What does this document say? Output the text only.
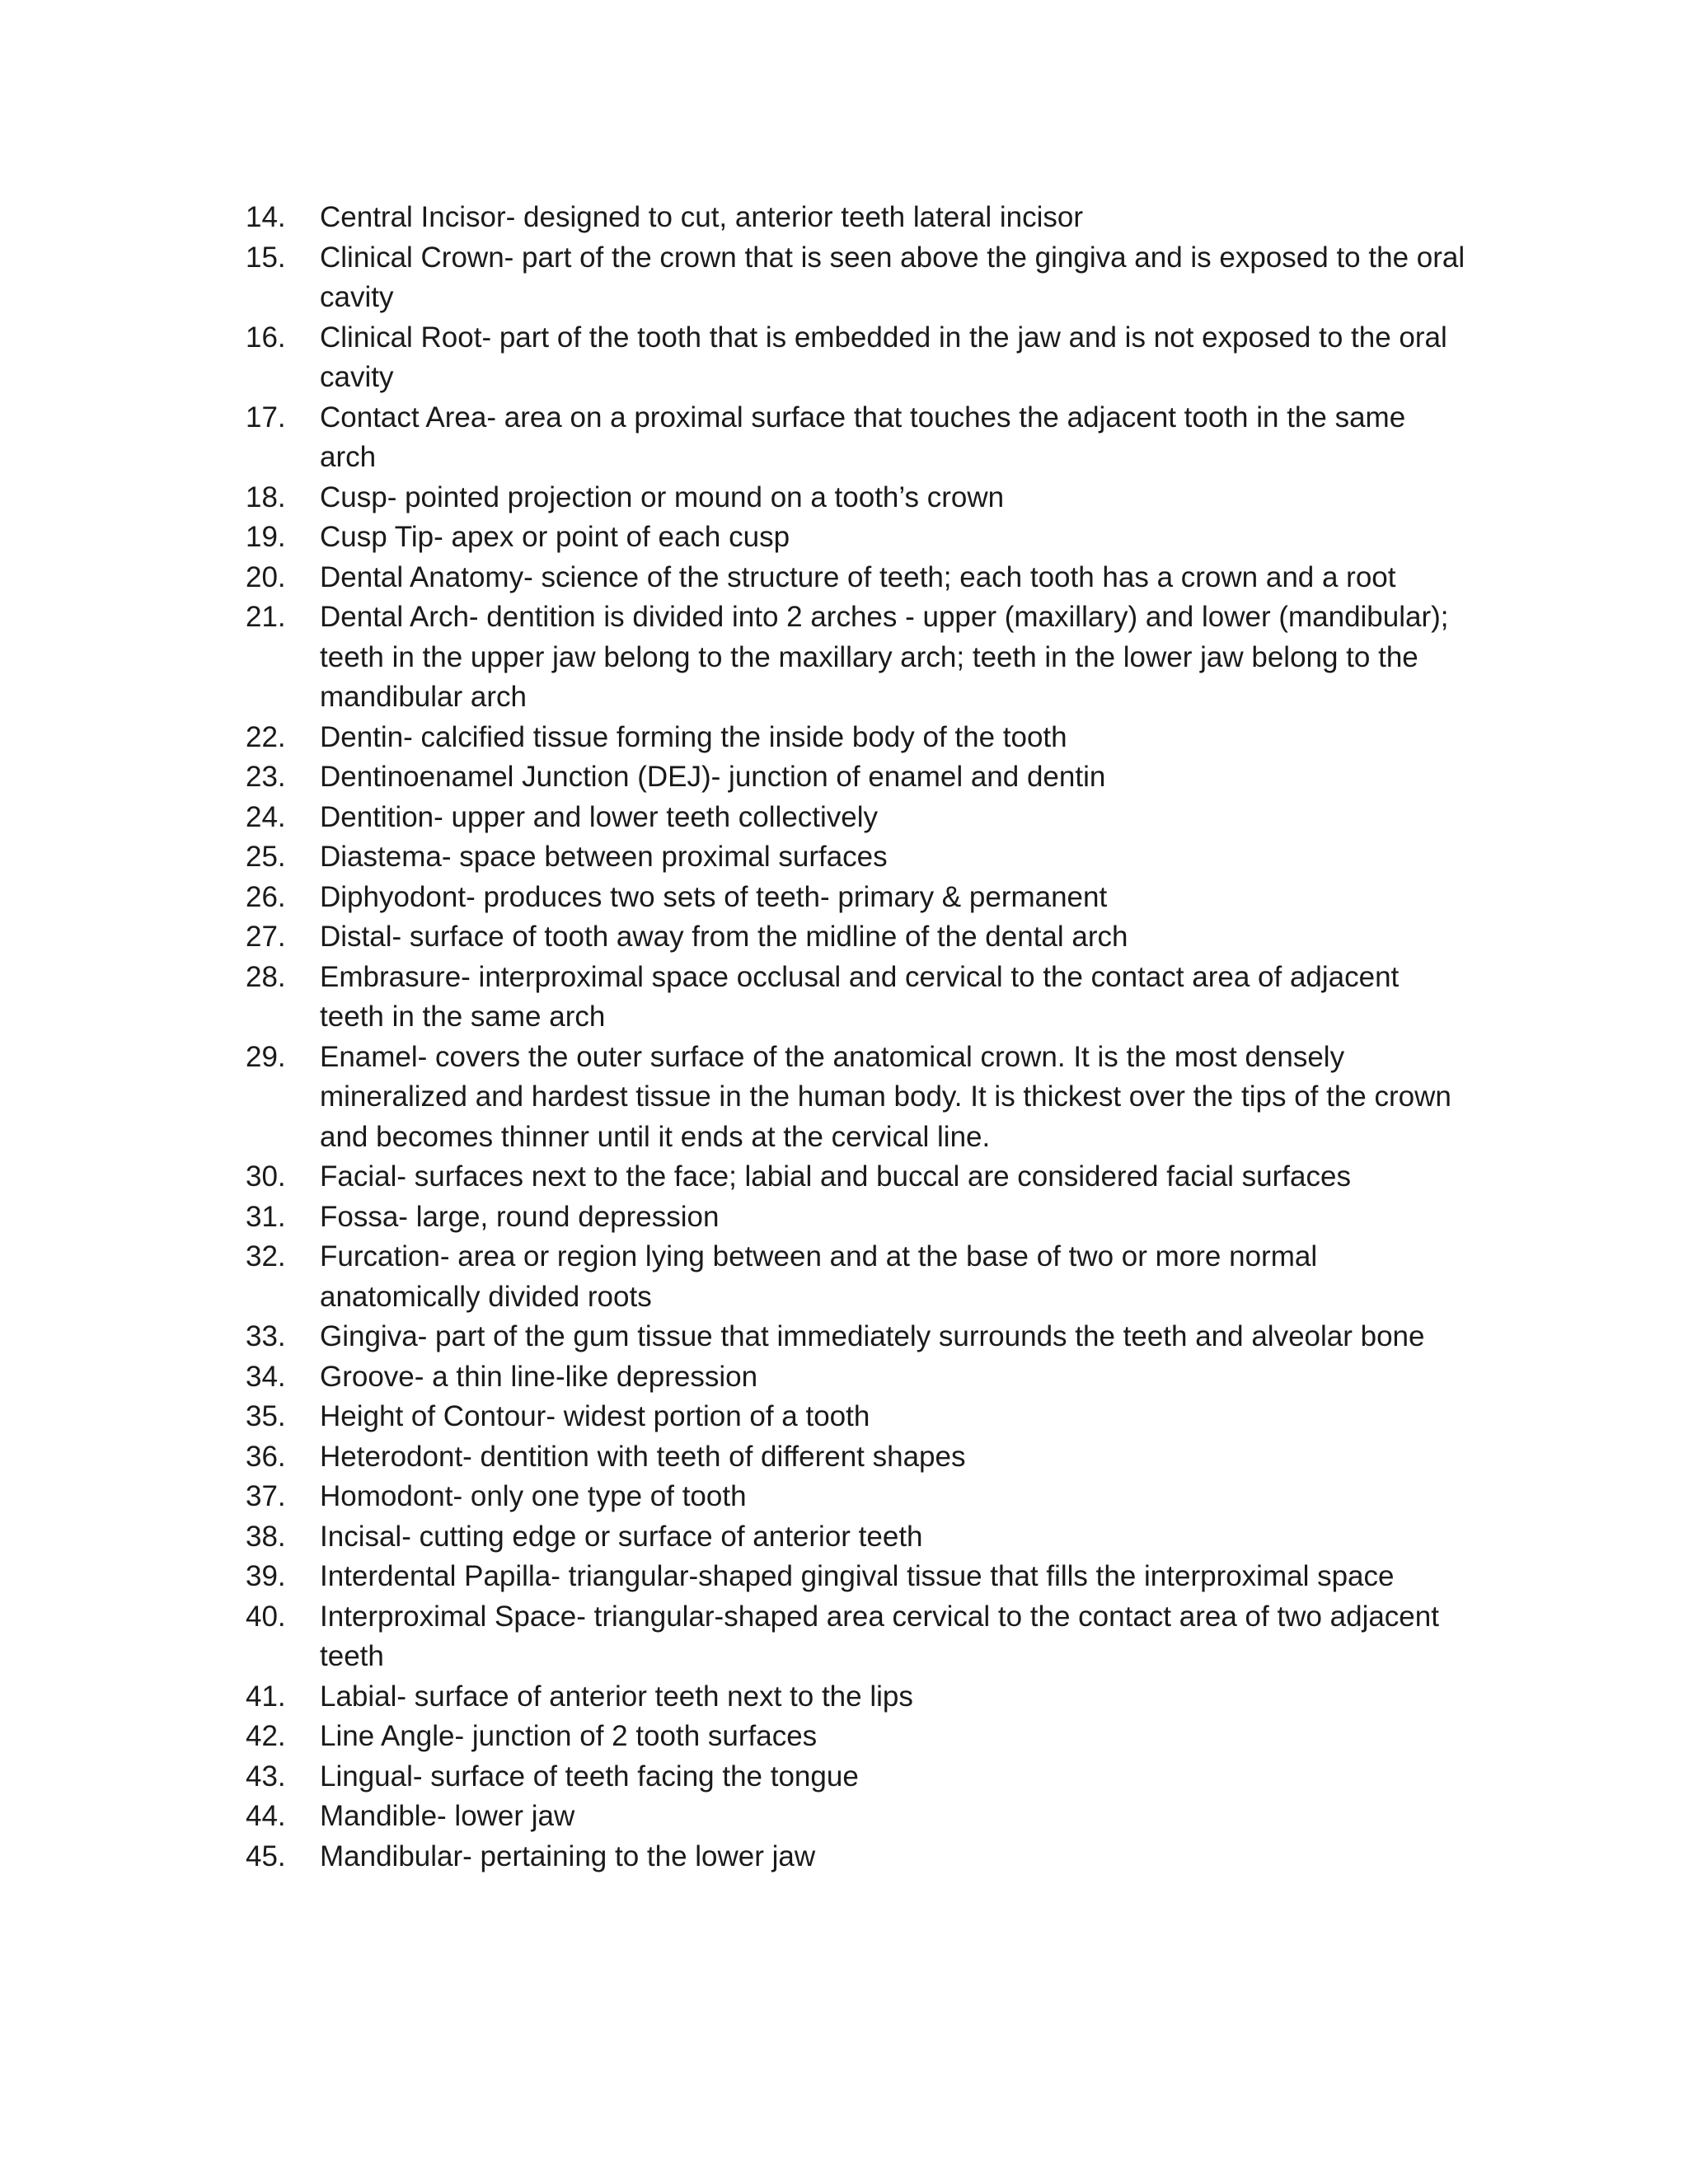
14.	Central Incisor- designed to cut, anterior teeth lateral incisor
15.	Clinical Crown- part of the crown that is seen above the gingiva and is exposed to the oral cavity
16.	Clinical Root- part of the tooth that is embedded in the jaw and is not exposed to the oral cavity
17.	Contact Area- area on a proximal surface that touches the adjacent tooth in the same arch
18.	Cusp- pointed projection or mound on a tooth’s crown
19.	Cusp Tip- apex or point of each cusp
20.	Dental Anatomy- science of the structure of teeth; each tooth has a crown and a root
21.	Dental Arch- dentition is divided into 2 arches - upper (maxillary) and lower (mandibular); teeth in the upper jaw belong to the maxillary arch; teeth in the lower jaw belong to the mandibular arch
22.	Dentin- calcified tissue forming the inside body of the tooth
23.	Dentinoenamel Junction (DEJ)- junction of enamel and dentin
24.	Dentition- upper and lower teeth collectively
25.	Diastema- space between proximal surfaces
26.	Diphyodont- produces two sets of teeth- primary & permanent
27.	Distal- surface of tooth away from the midline of the dental arch
28.	Embrasure- interproximal space occlusal and cervical to the contact area of adjacent teeth in the same arch
29.	Enamel- covers the outer surface of the anatomical crown. It is the most densely mineralized and hardest tissue in the human body. It is thickest over the tips of the crown and becomes thinner until it ends at the cervical line.
30.	Facial- surfaces next to the face; labial and buccal are considered facial surfaces
31.	Fossa- large, round depression
32.	Furcation- area or region lying between and at the base of two or more normal anatomically divided roots
33.	Gingiva- part of the gum tissue that immediately surrounds the teeth and alveolar bone
34.	Groove- a thin line-like depression
35.	Height of Contour- widest portion of a tooth
36.	Heterodont- dentition with teeth of different shapes
37.	Homodont- only one type of tooth
38.	Incisal- cutting edge or surface of anterior teeth
39.	Interdental Papilla- triangular-shaped gingival tissue that fills the interproximal space
40.	Interproximal Space- triangular-shaped area cervical to the contact area of two adjacent teeth
41.	Labial- surface of anterior teeth next to the lips
42.	Line Angle- junction of 2 tooth surfaces
43.	Lingual- surface of teeth facing the tongue
44.	Mandible- lower jaw
45.	Mandibular- pertaining to the lower jaw
